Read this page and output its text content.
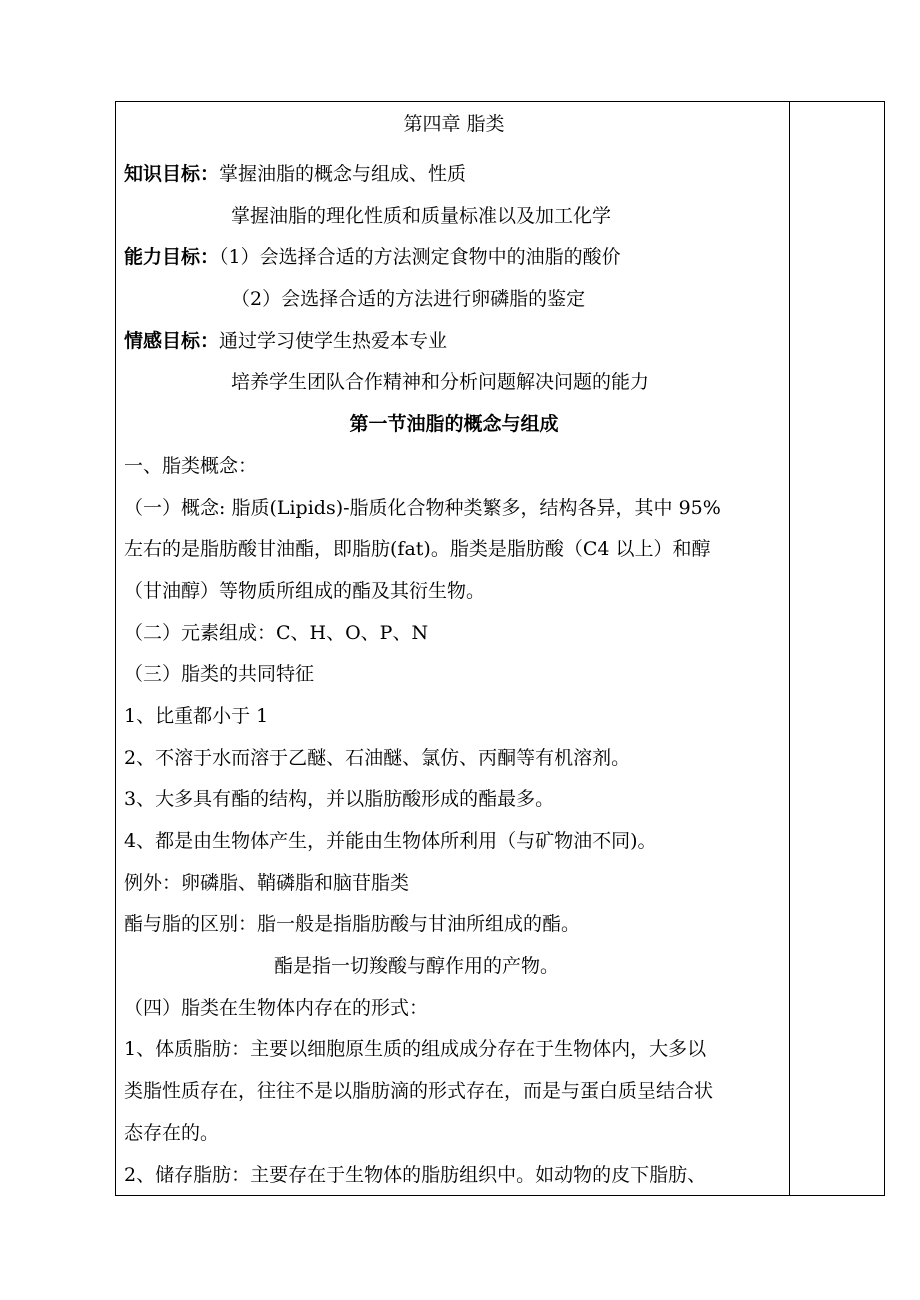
第四章 脂类
知识目标：掌握油脂的概念与组成、性质
掌握油脂的理化性质和质量标准以及加工化学
能力目标：（1）会选择合适的方法测定食物中的油脂的酸价
（2）会选择合适的方法进行卵磷脂的鉴定
情感目标：通过学习使学生热爱本专业
培养学生团队合作精神和分析问题解决问题的能力
第一节油脂的概念与组成
一、脂类概念：
（一）概念: 脂质(Lipids)-脂质化合物种类繁多，结构各异，其中 95%
左右的是脂肪酸甘油酯，即脂肪(fat)。脂类是脂肪酸（C4 以上）和醇
（甘油醇）等物质所组成的酯及其衍生物。
（二）元素组成：C、H、O、P、N
（三）脂类的共同特征
1、比重都小于 1
2、不溶于水而溶于乙醚、石油醚、氯仿、丙酮等有机溶剂。
3、大多具有酯的结构，并以脂肪酸形成的酯最多。
4、都是由生物体产生，并能由生物体所利用（与矿物油不同)。
例外：卵磷脂、鞘磷脂和脑苷脂类
酯与脂的区别：脂一般是指脂肪酸与甘油所组成的酯。
酯是指一切羧酸与醇作用的产物。
（四）脂类在生物体内存在的形式：
1、体质脂肪：主要以细胞原生质的组成成分存在于生物体内，大多以
类脂性质存在，往往不是以脂肪滴的形式存在，而是与蛋白质呈结合状
态存在的。
2、储存脂肪：主要存在于生物体的脂肪组织中。如动物的皮下脂肪、
